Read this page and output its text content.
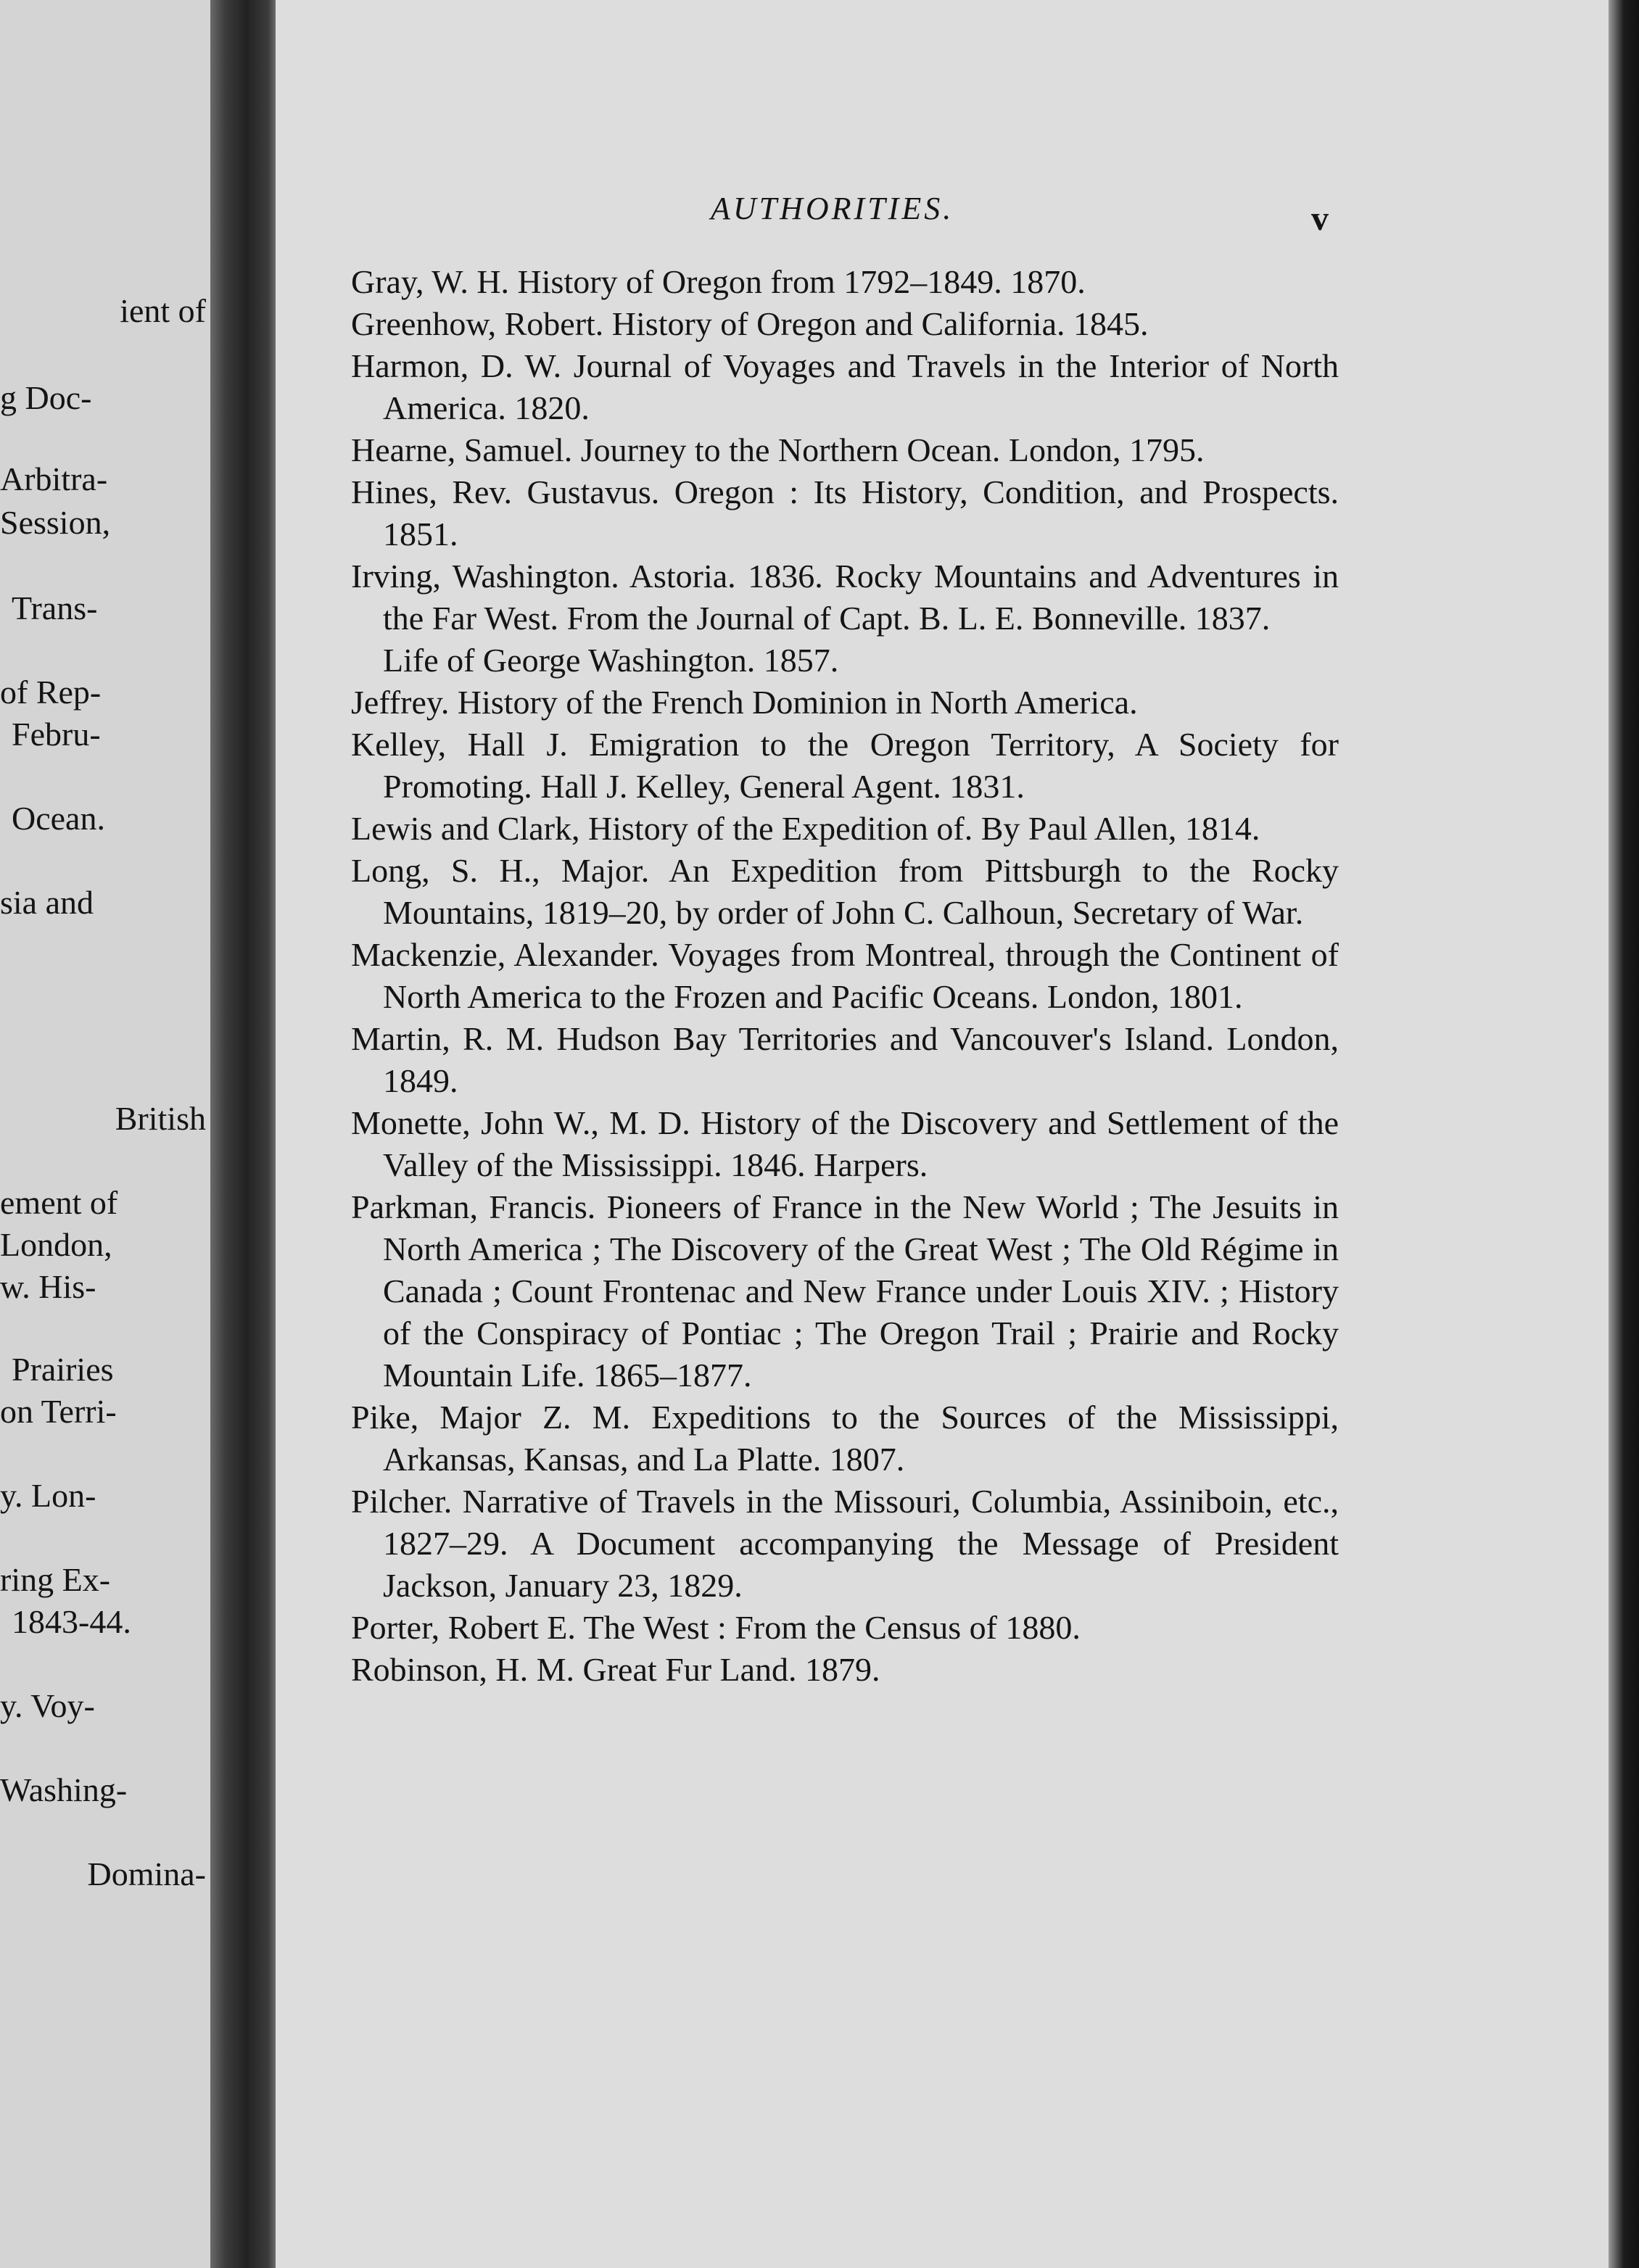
ient of
g Doc-
Arbitra-
Session,
Trans-
of Rep-
Febru-
Ocean.
sia and
British
ement of
London,
w. His-
Prairies
on Terri-
y. Lon-
ring Ex-
1843-44.
y. Voy-
Washing-
Domina-
AUTHORITIES.	v

Gray, W. H. History of Oregon from 1792–1849. 1870.

Greenhow, Robert. History of Oregon and California. 1845.

Harmon, D. W. Journal of Voyages and Travels in the Interior of North America. 1820.

Hearne, Samuel. Journey to the Northern Ocean. London, 1795.

Hines, Rev. Gustavus. Oregon : Its History, Condition, and Prospects. 1851.

Irving, Washington. Astoria. 1836. Rocky Mountains and Adventures in the Far West. From the Journal of Capt. B. L. E. Bonneville. 1837.

Life of George Washington. 1857.

Jeffrey. History of the French Dominion in North America.

Kelley, Hall J. Emigration to the Oregon Territory, A Society for Promoting. Hall J. Kelley, General Agent. 1831.

Lewis and Clark, History of the Expedition of. By Paul Allen, 1814.

Long, S. H., Major. An Expedition from Pittsburgh to the Rocky Mountains, 1819–20, by order of John C. Calhoun, Secretary of War.

Mackenzie, Alexander. Voyages from Montreal, through the Continent of North America to the Frozen and Pacific Oceans. London, 1801.

Martin, R. M. Hudson Bay Territories and Vancouver's Island. London, 1849.

Monette, John W., M. D. History of the Discovery and Settlement of the Valley of the Mississippi. 1846. Harpers.

Parkman, Francis. Pioneers of France in the New World ; The Jesuits in North America ; The Discovery of the Great West ; The Old Régime in Canada ; Count Frontenac and New France under Louis XIV. ; History of the Conspiracy of Pontiac ; The Oregon Trail ; Prairie and Rocky Mountain Life. 1865–1877.

Pike, Major Z. M. Expeditions to the Sources of the Mississippi, Arkansas, Kansas, and La Platte. 1807.

Pilcher. Narrative of Travels in the Missouri, Columbia, Assiniboin, etc., 1827–29. A Document accompanying the Message of President Jackson, January 23, 1829.

Porter, Robert E. The West : From the Census of 1880.

Robinson, H. M. Great Fur Land. 1879.
